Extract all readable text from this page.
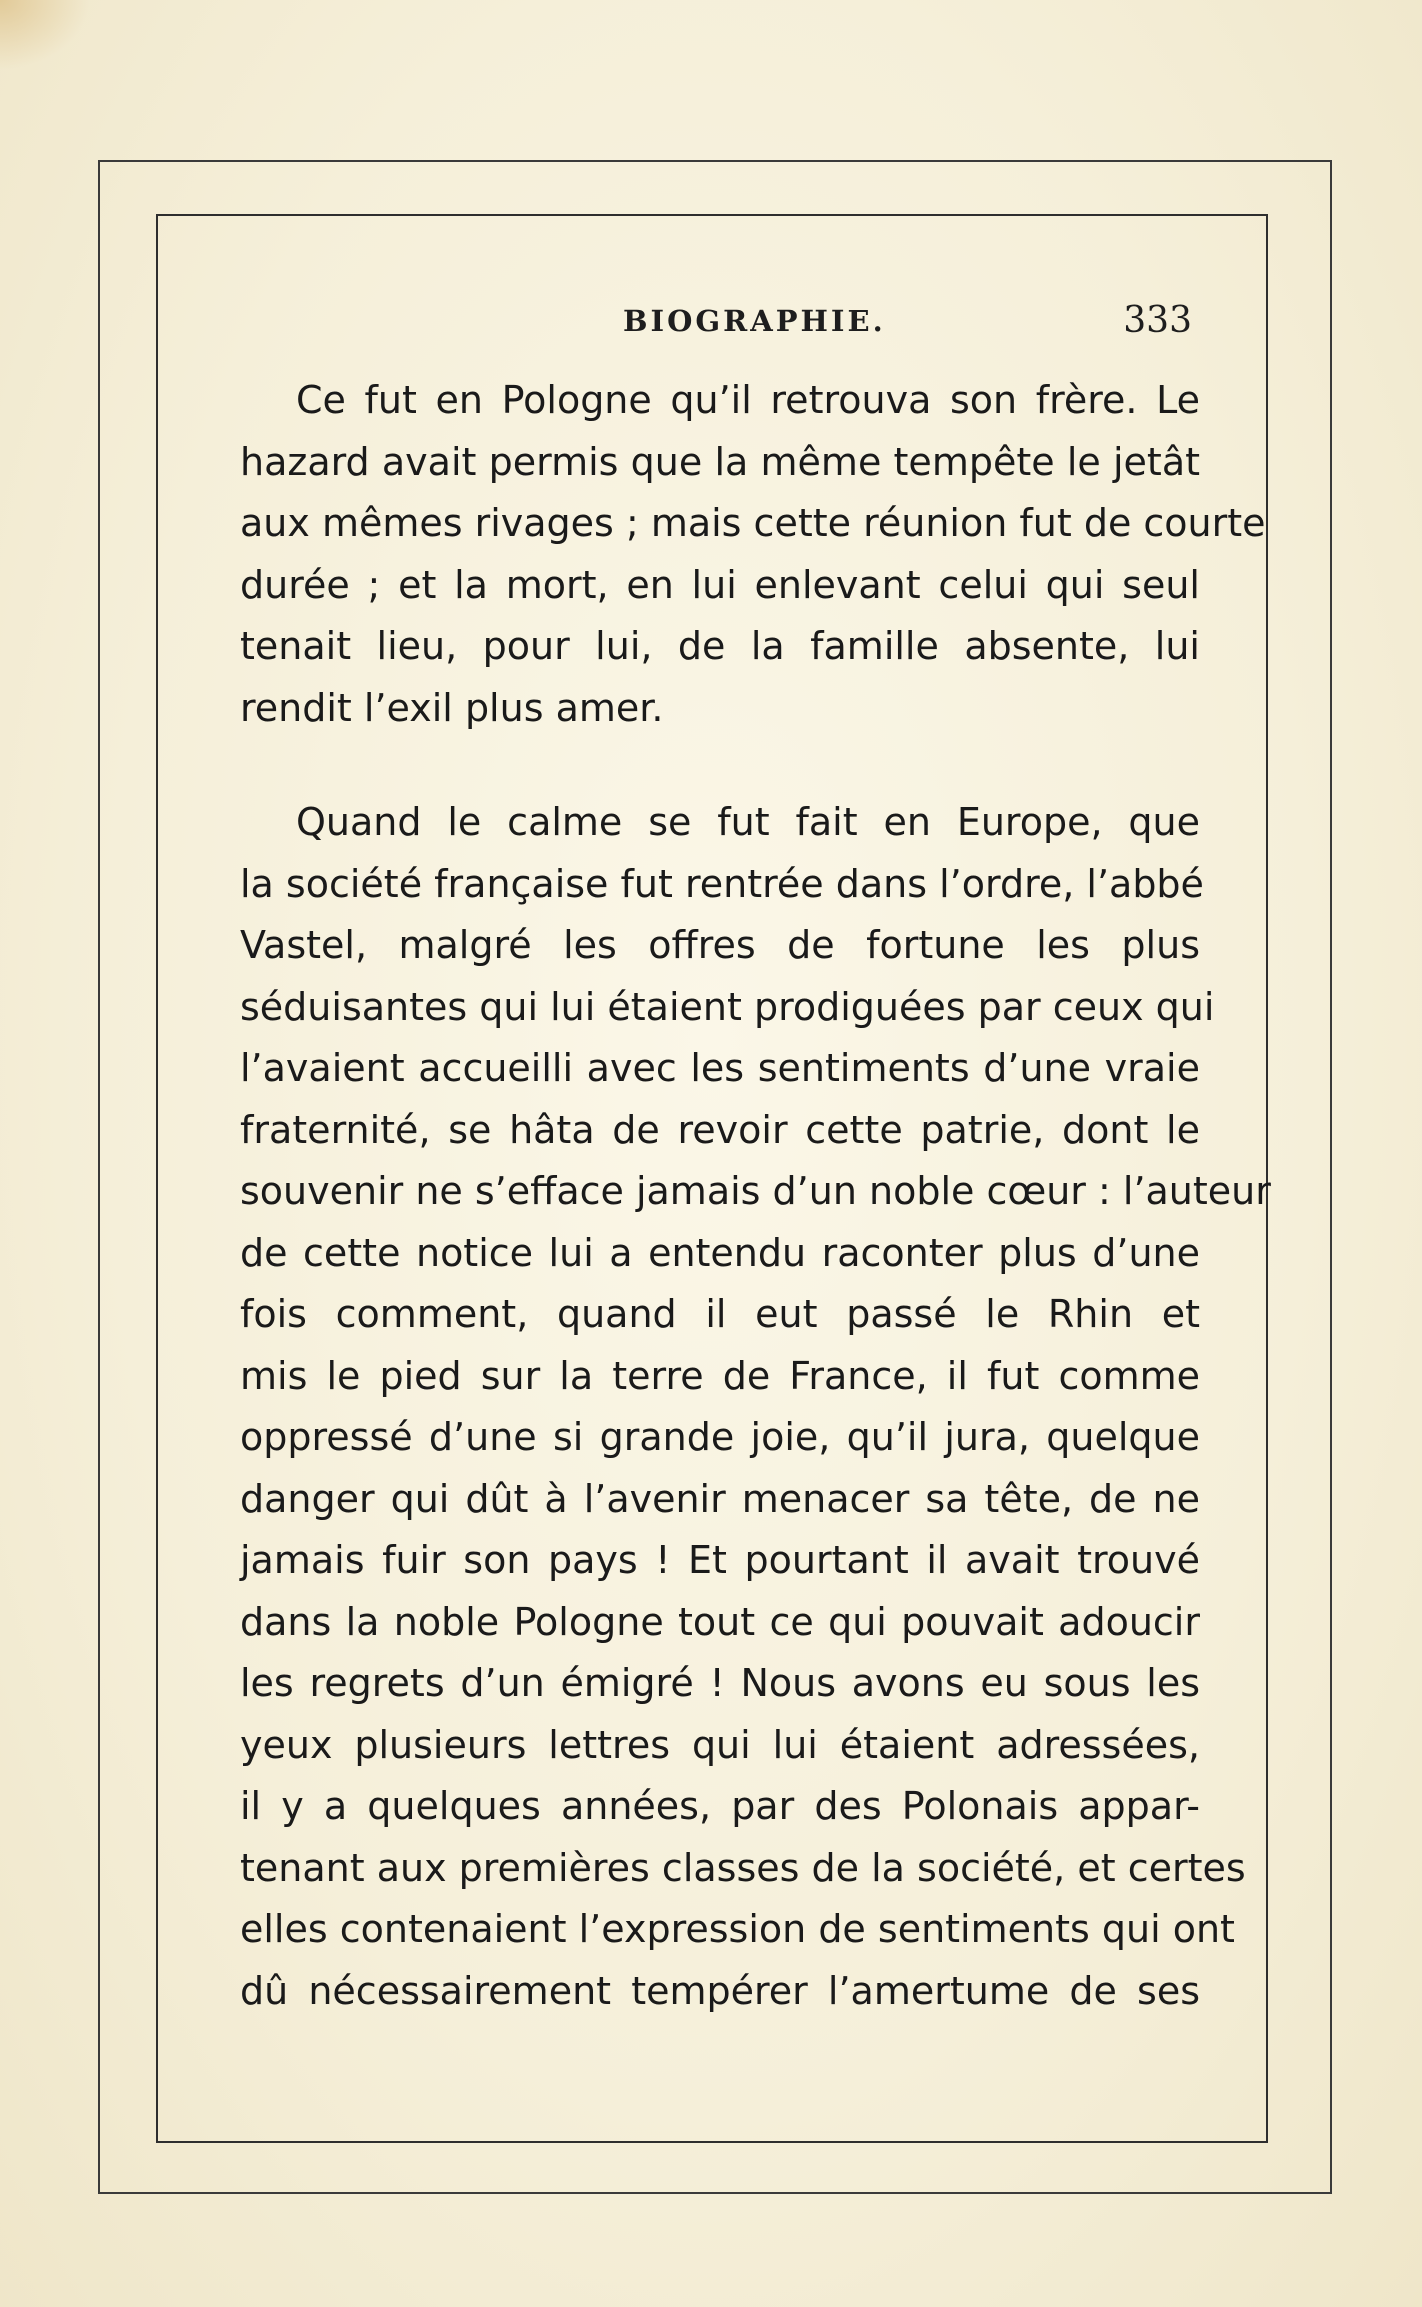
BIOGRAPHIE.	333

Ce fut en Pologne qu’il retrouva son frère. Le
hazard avait permis que la même tempête le jetât
aux mêmes rivages ; mais cette réunion fut de courte
durée ; et la mort, en lui enlevant celui qui seul
tenait lieu, pour lui, de la famille absente, lui
rendit l’exil plus amer.

Quand le calme se fut fait en Europe, que
la société française fut rentrée dans l’ordre, l’abbé
Vastel, malgré les offres de fortune les plus
séduisantes qui lui étaient prodiguées par ceux qui
l’avaient accueilli avec les sentiments d’une vraie
fraternité, se hâta de revoir cette patrie, dont le
souvenir ne s’efface jamais d’un noble cœur : l’auteur
de cette notice lui a entendu raconter plus d’une
fois comment, quand il eut passé le Rhin et
mis le pied sur la terre de France, il fut comme
oppressé d’une si grande joie, qu’il jura, quelque
danger qui dût à l’avenir menacer sa tête, de ne
jamais fuir son pays ! Et pourtant il avait trouvé
dans la noble Pologne tout ce qui pouvait adoucir
les regrets d’un émigré ! Nous avons eu sous les
yeux plusieurs lettres qui lui étaient adressées,
il y a quelques années, par des Polonais appar-
tenant aux premières classes de la société, et certes
elles contenaient l’expression de sentiments qui ont
dû nécessairement tempérer l’amertume de ses
